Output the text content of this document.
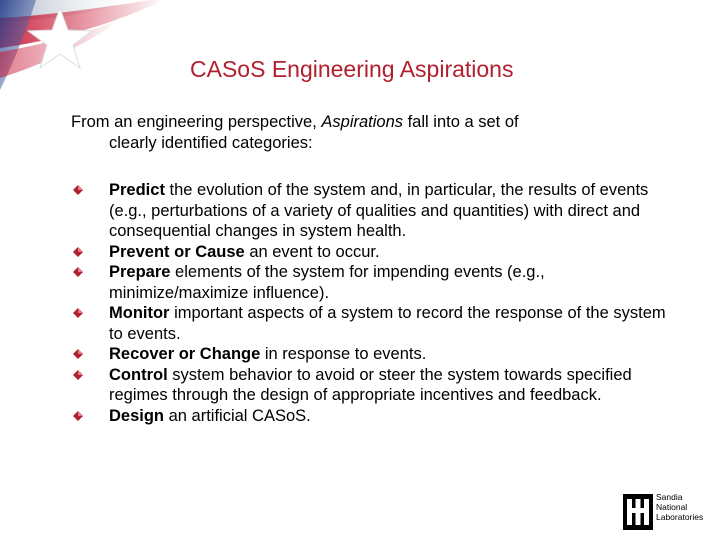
CASoS Engineering Aspirations
From an engineering perspective, Aspirations fall into a set of
clearly identified categories:
Predict the evolution of the system and, in particular, the results of events (e.g., perturbations of a variety of qualities and quantities) with direct and consequential changes in system health.
Prevent or Cause an event to occur.
Prepare elements of the system for impending events (e.g., minimize/maximize influence).
Monitor important aspects of a system to record the response of the system to events.
Recover or Change in response to events.
Control system behavior to avoid or steer the system towards specified regimes through the design of appropriate incentives and feedback.
Design an artificial CASoS.
Sandia
National
Laboratories
